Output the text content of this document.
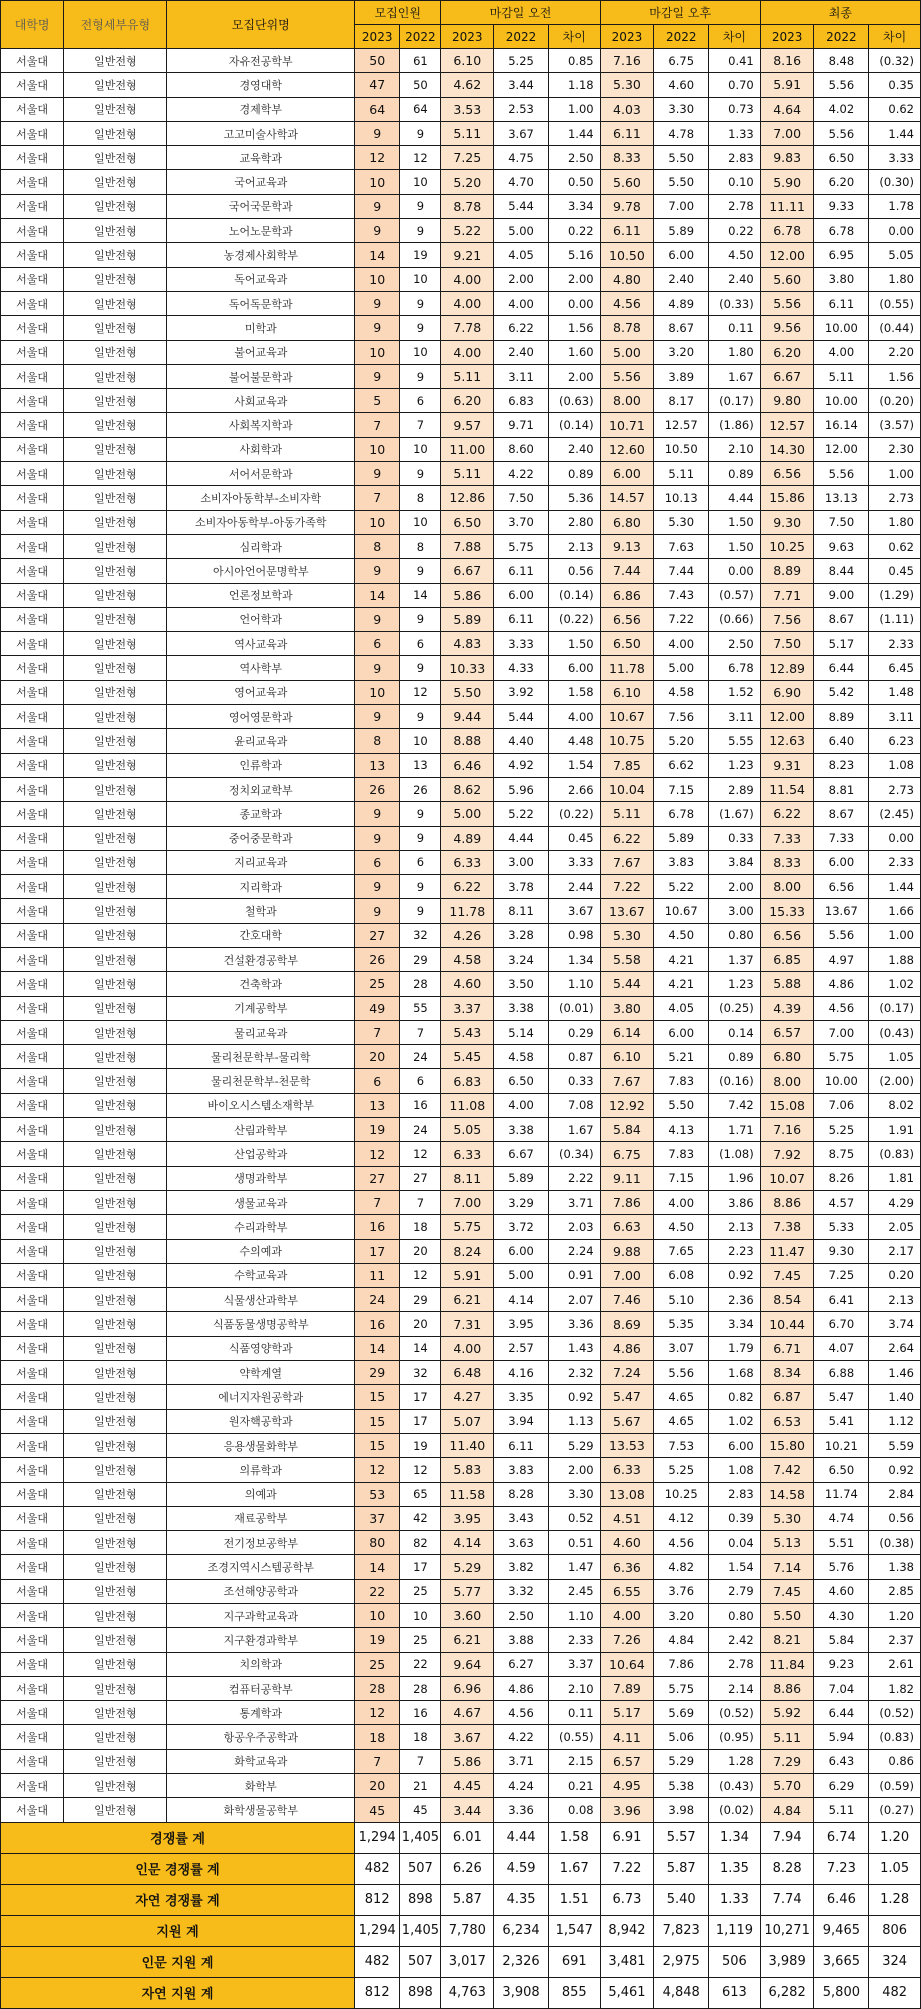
대학명	전형세부유형	모집단위명	모집인원		마감일 오전			마감일 오후			최종		
			2023	2022	2023	2022	차이	2023	2022	차이	2023	2022	차이
서울대	일반전형	자유전공학부	50	61	6.10	5.25	0.85	7.16	6.75	0.41	8.16	8.48	(0.32)
서울대	일반전형	경영대학	47	50	4.62	3.44	1.18	5.30	4.60	0.70	5.91	5.56	0.35
서울대	일반전형	경제학부	64	64	3.53	2.53	1.00	4.03	3.30	0.73	4.64	4.02	0.62
서울대	일반전형	고고미술사학과	9	9	5.11	3.67	1.44	6.11	4.78	1.33	7.00	5.56	1.44
서울대	일반전형	교육학과	12	12	7.25	4.75	2.50	8.33	5.50	2.83	9.83	6.50	3.33
서울대	일반전형	국어교육과	10	10	5.20	4.70	0.50	5.60	5.50	0.10	5.90	6.20	(0.30)
서울대	일반전형	국어국문학과	9	9	8.78	5.44	3.34	9.78	7.00	2.78	11.11	9.33	1.78
서울대	일반전형	노어노문학과	9	9	5.22	5.00	0.22	6.11	5.89	0.22	6.78	6.78	0.00
서울대	일반전형	농경제사회학부	14	19	9.21	4.05	5.16	10.50	6.00	4.50	12.00	6.95	5.05
서울대	일반전형	독어교육과	10	10	4.00	2.00	2.00	4.80	2.40	2.40	5.60	3.80	1.80
서울대	일반전형	독어독문학과	9	9	4.00	4.00	0.00	4.56	4.89	(0.33)	5.56	6.11	(0.55)
서울대	일반전형	미학과	9	9	7.78	6.22	1.56	8.78	8.67	0.11	9.56	10.00	(0.44)
서울대	일반전형	불어교육과	10	10	4.00	2.40	1.60	5.00	3.20	1.80	6.20	4.00	2.20
서울대	일반전형	불어불문학과	9	9	5.11	3.11	2.00	5.56	3.89	1.67	6.67	5.11	1.56
서울대	일반전형	사회교육과	5	6	6.20	6.83	(0.63)	8.00	8.17	(0.17)	9.80	10.00	(0.20)
서울대	일반전형	사회복지학과	7	7	9.57	9.71	(0.14)	10.71	12.57	(1.86)	12.57	16.14	(3.57)
서울대	일반전형	사회학과	10	10	11.00	8.60	2.40	12.60	10.50	2.10	14.30	12.00	2.30
서울대	일반전형	서어서문학과	9	9	5.11	4.22	0.89	6.00	5.11	0.89	6.56	5.56	1.00
서울대	일반전형	소비자아동학부-소비자학	7	8	12.86	7.50	5.36	14.57	10.13	4.44	15.86	13.13	2.73
서울대	일반전형	소비자아동학부-아동가족학	10	10	6.50	3.70	2.80	6.80	5.30	1.50	9.30	7.50	1.80
서울대	일반전형	심리학과	8	8	7.88	5.75	2.13	9.13	7.63	1.50	10.25	9.63	0.62
서울대	일반전형	아시아언어문명학부	9	9	6.67	6.11	0.56	7.44	7.44	0.00	8.89	8.44	0.45
서울대	일반전형	언론정보학과	14	14	5.86	6.00	(0.14)	6.86	7.43	(0.57)	7.71	9.00	(1.29)
서울대	일반전형	언어학과	9	9	5.89	6.11	(0.22)	6.56	7.22	(0.66)	7.56	8.67	(1.11)
서울대	일반전형	역사교육과	6	6	4.83	3.33	1.50	6.50	4.00	2.50	7.50	5.17	2.33
서울대	일반전형	역사학부	9	9	10.33	4.33	6.00	11.78	5.00	6.78	12.89	6.44	6.45
서울대	일반전형	영어교육과	10	12	5.50	3.92	1.58	6.10	4.58	1.52	6.90	5.42	1.48
서울대	일반전형	영어영문학과	9	9	9.44	5.44	4.00	10.67	7.56	3.11	12.00	8.89	3.11
서울대	일반전형	윤리교육과	8	10	8.88	4.40	4.48	10.75	5.20	5.55	12.63	6.40	6.23
서울대	일반전형	인류학과	13	13	6.46	4.92	1.54	7.85	6.62	1.23	9.31	8.23	1.08
서울대	일반전형	정치외교학부	26	26	8.62	5.96	2.66	10.04	7.15	2.89	11.54	8.81	2.73
서울대	일반전형	종교학과	9	9	5.00	5.22	(0.22)	5.11	6.78	(1.67)	6.22	8.67	(2.45)
서울대	일반전형	중어중문학과	9	9	4.89	4.44	0.45	6.22	5.89	0.33	7.33	7.33	0.00
서울대	일반전형	지리교육과	6	6	6.33	3.00	3.33	7.67	3.83	3.84	8.33	6.00	2.33
서울대	일반전형	지리학과	9	9	6.22	3.78	2.44	7.22	5.22	2.00	8.00	6.56	1.44
서울대	일반전형	철학과	9	9	11.78	8.11	3.67	13.67	10.67	3.00	15.33	13.67	1.66
서울대	일반전형	간호대학	27	32	4.26	3.28	0.98	5.30	4.50	0.80	6.56	5.56	1.00
서울대	일반전형	건설환경공학부	26	29	4.58	3.24	1.34	5.58	4.21	1.37	6.85	4.97	1.88
서울대	일반전형	건축학과	25	28	4.60	3.50	1.10	5.44	4.21	1.23	5.88	4.86	1.02
서울대	일반전형	기계공학부	49	55	3.37	3.38	(0.01)	3.80	4.05	(0.25)	4.39	4.56	(0.17)
서울대	일반전형	물리교육과	7	7	5.43	5.14	0.29	6.14	6.00	0.14	6.57	7.00	(0.43)
서울대	일반전형	물리천문학부-물리학	20	24	5.45	4.58	0.87	6.10	5.21	0.89	6.80	5.75	1.05
서울대	일반전형	물리천문학부-천문학	6	6	6.83	6.50	0.33	7.67	7.83	(0.16)	8.00	10.00	(2.00)
서울대	일반전형	바이오시스템소재학부	13	16	11.08	4.00	7.08	12.92	5.50	7.42	15.08	7.06	8.02
서울대	일반전형	산림과학부	19	24	5.05	3.38	1.67	5.84	4.13	1.71	7.16	5.25	1.91
서울대	일반전형	산업공학과	12	12	6.33	6.67	(0.34)	6.75	7.83	(1.08)	7.92	8.75	(0.83)
서울대	일반전형	생명과학부	27	27	8.11	5.89	2.22	9.11	7.15	1.96	10.07	8.26	1.81
서울대	일반전형	생물교육과	7	7	7.00	3.29	3.71	7.86	4.00	3.86	8.86	4.57	4.29
서울대	일반전형	수리과학부	16	18	5.75	3.72	2.03	6.63	4.50	2.13	7.38	5.33	2.05
서울대	일반전형	수의예과	17	20	8.24	6.00	2.24	9.88	7.65	2.23	11.47	9.30	2.17
서울대	일반전형	수학교육과	11	12	5.91	5.00	0.91	7.00	6.08	0.92	7.45	7.25	0.20
서울대	일반전형	식물생산과학부	24	29	6.21	4.14	2.07	7.46	5.10	2.36	8.54	6.41	2.13
서울대	일반전형	식품동물생명공학부	16	20	7.31	3.95	3.36	8.69	5.35	3.34	10.44	6.70	3.74
서울대	일반전형	식품영양학과	14	14	4.00	2.57	1.43	4.86	3.07	1.79	6.71	4.07	2.64
서울대	일반전형	약학계열	29	32	6.48	4.16	2.32	7.24	5.56	1.68	8.34	6.88	1.46
서울대	일반전형	에너지자원공학과	15	17	4.27	3.35	0.92	5.47	4.65	0.82	6.87	5.47	1.40
서울대	일반전형	원자핵공학과	15	17	5.07	3.94	1.13	5.67	4.65	1.02	6.53	5.41	1.12
서울대	일반전형	응용생물화학부	15	19	11.40	6.11	5.29	13.53	7.53	6.00	15.80	10.21	5.59
서울대	일반전형	의류학과	12	12	5.83	3.83	2.00	6.33	5.25	1.08	7.42	6.50	0.92
서울대	일반전형	의예과	53	65	11.58	8.28	3.30	13.08	10.25	2.83	14.58	11.74	2.84
서울대	일반전형	재료공학부	37	42	3.95	3.43	0.52	4.51	4.12	0.39	5.30	4.74	0.56
서울대	일반전형	전기정보공학부	80	82	4.14	3.63	0.51	4.60	4.56	0.04	5.13	5.51	(0.38)
서울대	일반전형	조경지역시스템공학부	14	17	5.29	3.82	1.47	6.36	4.82	1.54	7.14	5.76	1.38
서울대	일반전형	조선해양공학과	22	25	5.77	3.32	2.45	6.55	3.76	2.79	7.45	4.60	2.85
서울대	일반전형	지구과학교육과	10	10	3.60	2.50	1.10	4.00	3.20	0.80	5.50	4.30	1.20
서울대	일반전형	지구환경과학부	19	25	6.21	3.88	2.33	7.26	4.84	2.42	8.21	5.84	2.37
서울대	일반전형	치의학과	25	22	9.64	6.27	3.37	10.64	7.86	2.78	11.84	9.23	2.61
서울대	일반전형	컴퓨터공학부	28	28	6.96	4.86	2.10	7.89	5.75	2.14	8.86	7.04	1.82
서울대	일반전형	통계학과	12	16	4.67	4.56	0.11	5.17	5.69	(0.52)	5.92	6.44	(0.52)
서울대	일반전형	항공우주공학과	18	18	3.67	4.22	(0.55)	4.11	5.06	(0.95)	5.11	5.94	(0.83)
서울대	일반전형	화학교육과	7	7	5.86	3.71	2.15	6.57	5.29	1.28	7.29	6.43	0.86
서울대	일반전형	화학부	20	21	4.45	4.24	0.21	4.95	5.38	(0.43)	5.70	6.29	(0.59)
서울대	일반전형	화학생물공학부	45	45	3.44	3.36	0.08	3.96	3.98	(0.02)	4.84	5.11	(0.27)
경쟁률 계			1,294	1,405	6.01	4.44	1.58	6.91	5.57	1.34	7.94	6.74	1.20
인문 경쟁률 계			482	507	6.26	4.59	1.67	7.22	5.87	1.35	8.28	7.23	1.05
자연 경쟁률 계			812	898	5.87	4.35	1.51	6.73	5.40	1.33	7.74	6.46	1.28
지원 계			1,294	1,405	7,780	6,234	1,547	8,942	7,823	1,119	10,271	9,465	806
인문 지원 계			482	507	3,017	2,326	691	3,481	2,975	506	3,989	3,665	324
자연 지원 계			812	898	4,763	3,908	855	5,461	4,848	613	6,282	5,800	482
